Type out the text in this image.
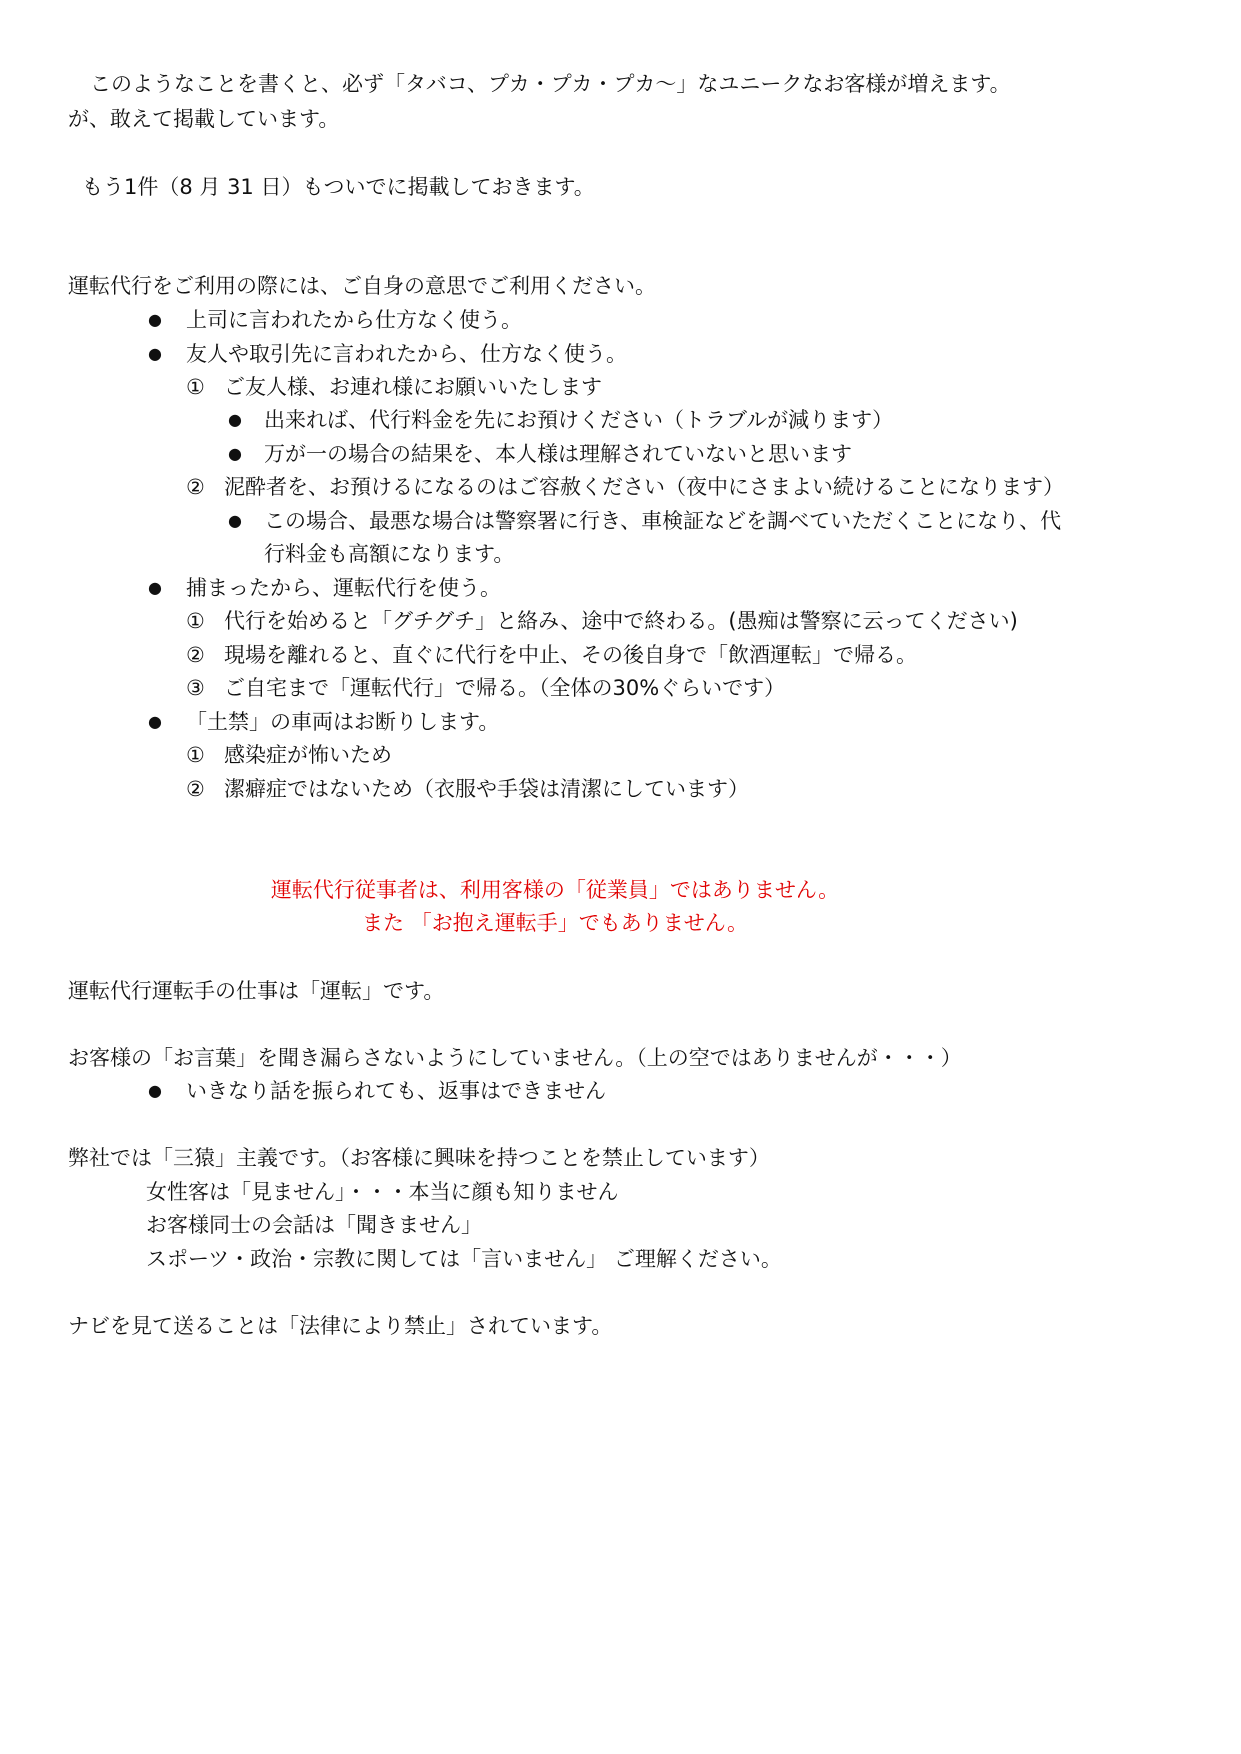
このようなことを書くと、必ず「タバコ、プカ・プカ・プカ～」なユニークなお客様が増えます。
が、敢えて掲載しています。
もう1件（8 月 31 日）もついでに掲載しておきます。
運転代行をご利用の際には、ご自身の意思でご利用ください。
● 上司に言われたから仕方なく使う。
● 友人や取引先に言われたから、仕方なく使う。
① ご友人様、お連れ様にお願いいたします
● 出来れば、代行料金を先にお預けください（トラブルが減ります）
● 万が一の場合の結果を、本人様は理解されていないと思います
② 泥酔者を、お預けるになるのはご容赦ください（夜中にさまよい続けることになります）
● この場合、最悪な場合は警察署に行き、車検証などを調べていただくことになり、代
行料金も高額になります。
● 捕まったから、運転代行を使う。
① 代行を始めると「グチグチ」と絡み、途中で終わる。(愚痴は警察に云ってください)
② 現場を離れると、直ぐに代行を中止、その後自身で「飲酒運転」で帰る。
③ ご自宅まで「運転代行」で帰る。（全体の30%ぐらいです）
● 「土禁」の車両はお断りします。
① 感染症が怖いため
② 潔癖症ではないため（衣服や手袋は清潔にしています）
運転代行従事者は、利用客様の「従業員」ではありません。
また 「お抱え運転手」でもありません。
運転代行運転手の仕事は「運転」です。
お客様の「お言葉」を聞き漏らさないようにしていません。（上の空ではありませんが・・・）
● いきなり話を振られても、返事はできません
弊社では「三猿」主義です。（お客様に興味を持つことを禁止しています）
女性客は「見ません」・・・本当に顔も知りません
お客様同士の会話は「聞きません」
スポーツ・政治・宗教に関しては「言いません」 ご理解ください。
ナビを見て送ることは「法律により禁止」されています。
